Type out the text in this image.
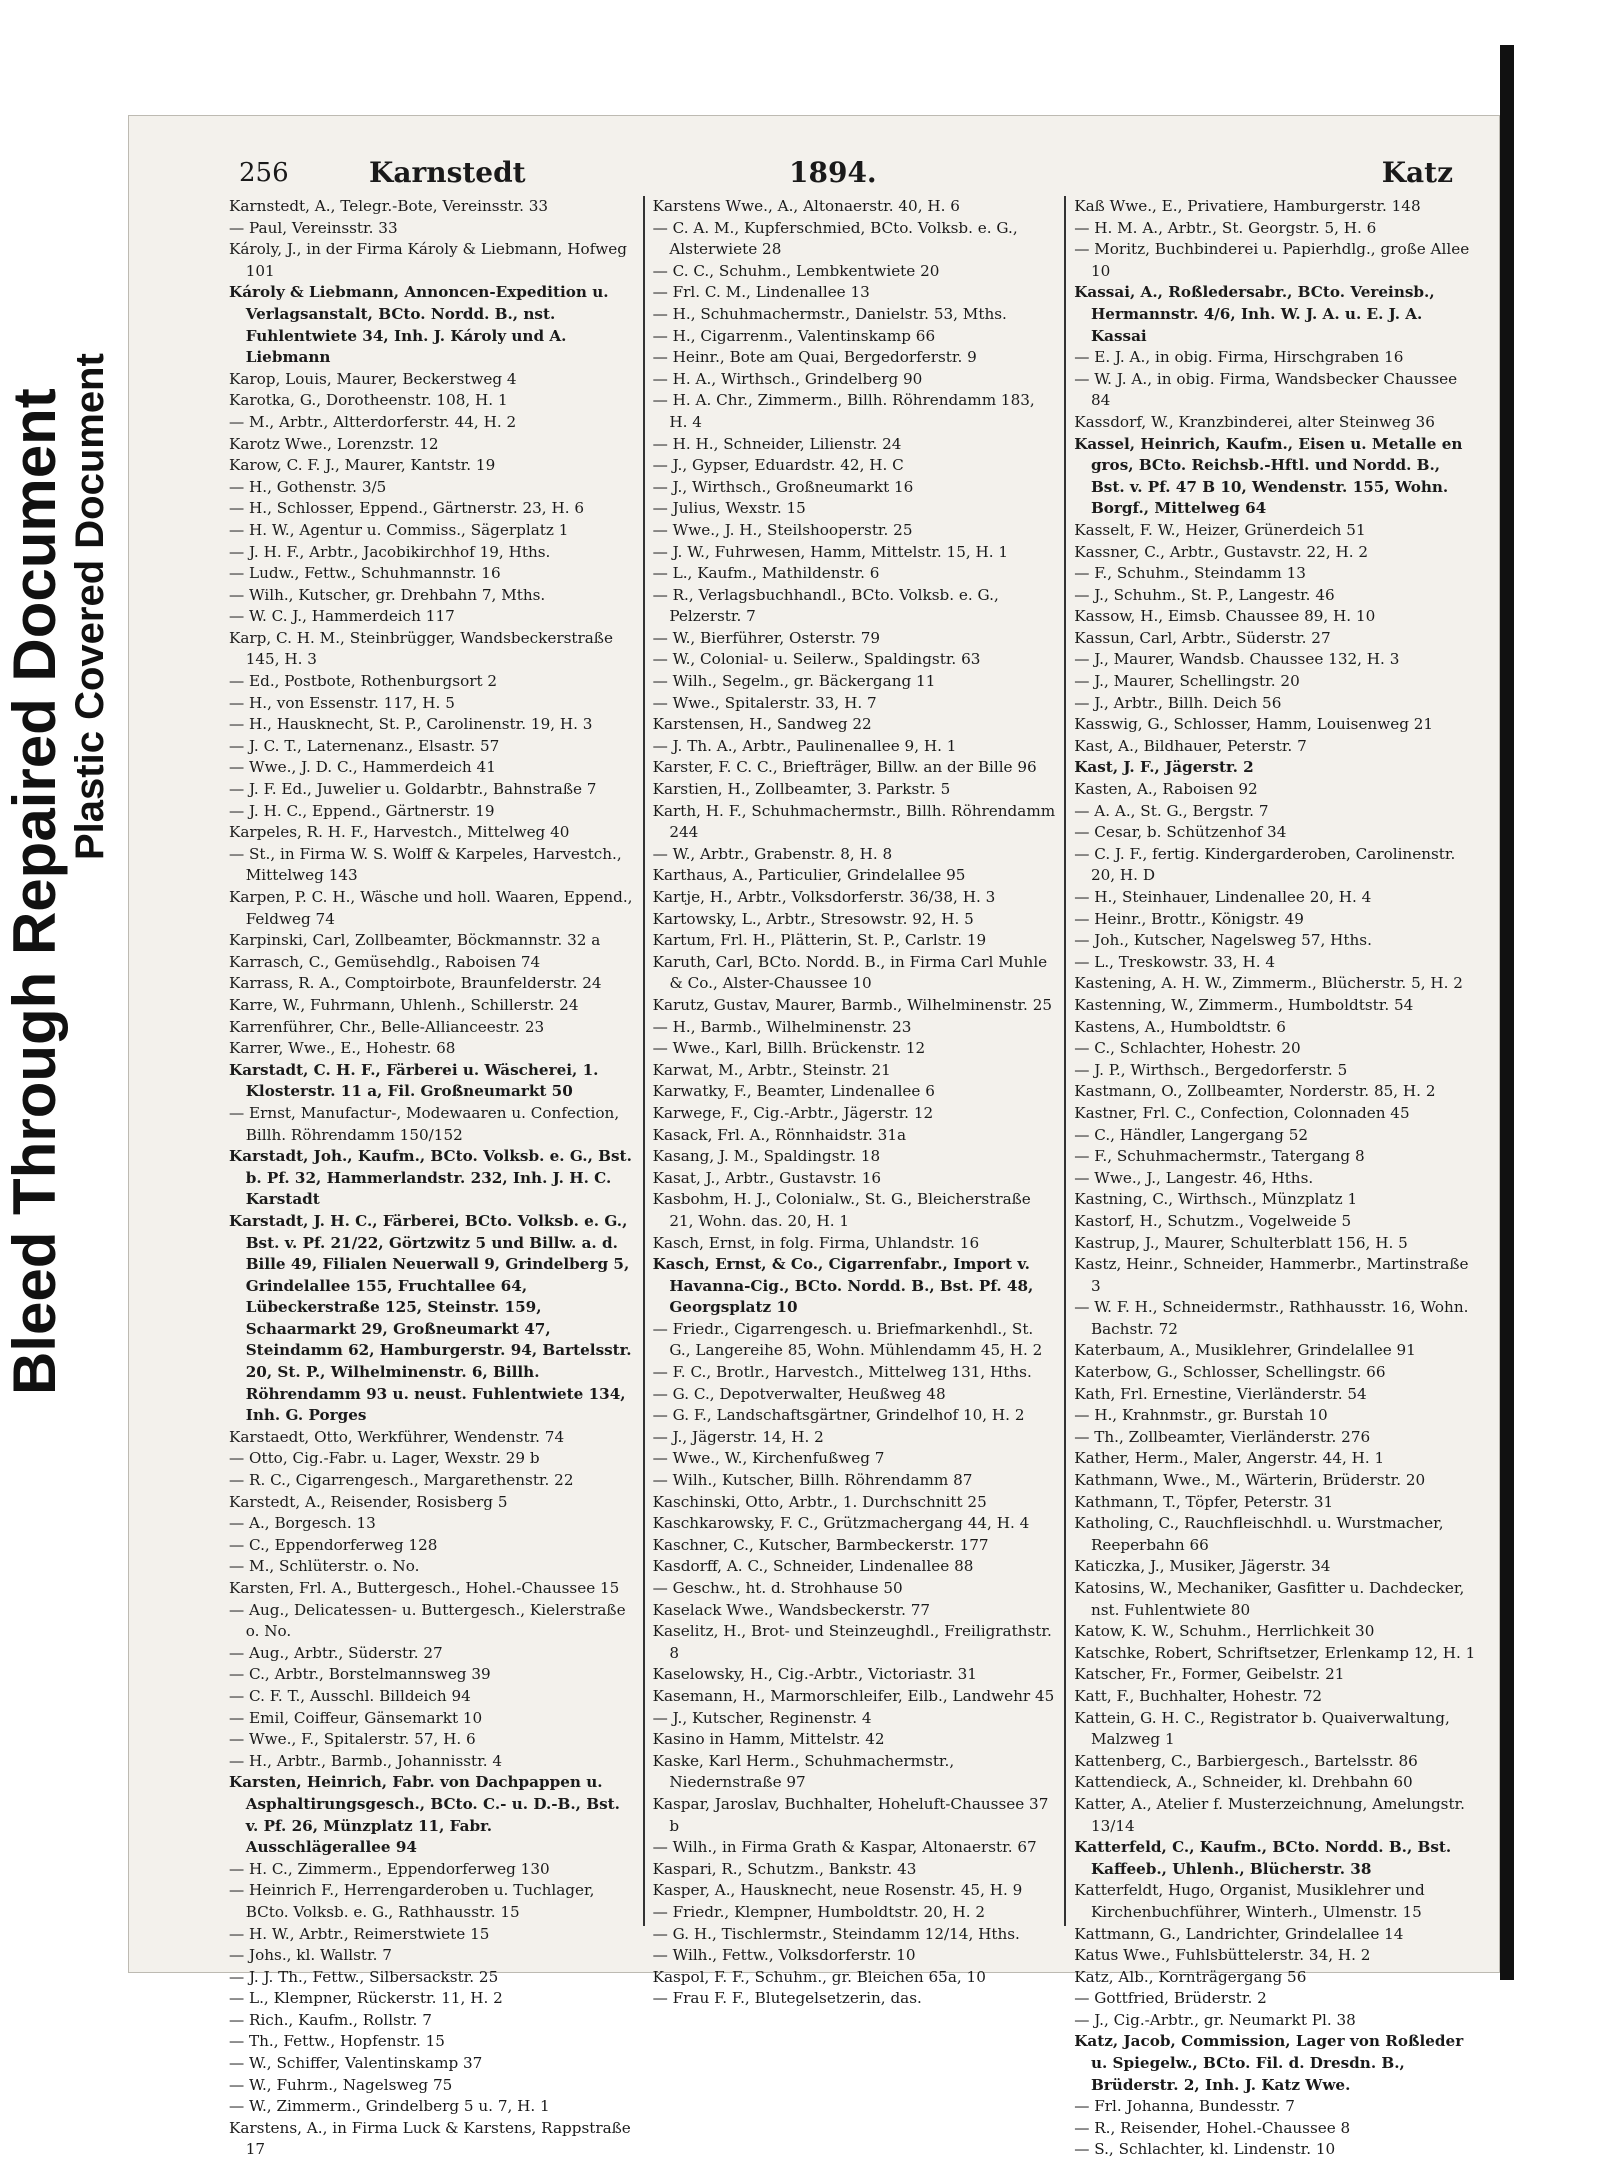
Bleed Through Repaired Document Plastic Covered Document
256	Karnstedt	1894.	Katz

Karnstedt, A., Telegr.-Bote, Vereinsstr. 33

— Paul, Vereinsstr. 33

Károly, J., in der Firma Károly & Liebmann, Hofweg 101

Károly & Liebmann, Annoncen-Expedition u. Verlagsanstalt, BCto. Nordd. B., nst. Fuhlentwiete 34, Inh. J. Károly und A. Liebmann

Karop, Louis, Maurer, Beckerstweg 4

Karotka, G., Dorotheenstr. 108, H. 1

— M., Arbtr., Altterdorferstr. 44, H. 2

Karotz Wwe., Lorenzstr. 12

Karow, C. F. J., Maurer, Kantstr. 19

— H., Gothenstr. 3/5

— H., Schlosser, Eppend., Gärtnerstr. 23, H. 6

— H. W., Agentur u. Commiss., Sägerplatz 1

— J. H. F., Arbtr., Jacobikirchhof 19, Hths.

— Ludw., Fettw., Schuhmannstr. 16

— Wilh., Kutscher, gr. Drehbahn 7, Mths.

— W. C. J., Hammerdeich 117

Karp, C. H. M., Steinbrügger, Wandsbeckerstraße 145, H. 3

— Ed., Postbote, Rothenburgsort 2

— H., von Essenstr. 117, H. 5

— H., Hausknecht, St. P., Carolinenstr. 19, H. 3

— J. C. T., Laternenanz., Elsastr. 57

— Wwe., J. D. C., Hammerdeich 41

— J. F. Ed., Juwelier u. Goldarbtr., Bahnstraße 7

— J. H. C., Eppend., Gärtnerstr. 19

Karpeles, R. H. F., Harvestch., Mittelweg 40

— St., in Firma W. S. Wolff & Karpeles, Harvestch., Mittelweg 143

Karpen, P. C. H., Wäsche und holl. Waaren, Eppend., Feldweg 74

Karpinski, Carl, Zollbeamter, Böckmannstr. 32 a

Karrasch, C., Gemüsehdlg., Raboisen 74

Karrass, R. A., Comptoirbote, Braunfelderstr. 24

Karre, W., Fuhrmann, Uhlenh., Schillerstr. 24

Karrenführer, Chr., Belle-Allianceestr. 23

Karrer, Wwe., E., Hohestr. 68

Karstadt, C. H. F., Färberei u. Wäscherei, 1. Klosterstr. 11 a, Fil. Großneumarkt 50

— Ernst, Manufactur-, Modewaaren u. Confection, Billh. Röhrendamm 150/152

Karstadt, Joh., Kaufm., BCto. Volksb. e. G., Bst. b. Pf. 32, Hammerlandstr. 232, Inh. J. H. C. Karstadt

Karstadt, J. H. C., Färberei, BCto. Volksb. e. G., Bst. v. Pf. 21/22, Görtzwitz 5 und Billw. a. d. Bille 49, Filialen Neuerwall 9, Grindelberg 5, Grindelallee 155, Fruchtallee 64, Lübeckerstraße 125, Steinstr. 159, Schaarmarkt 29, Großneumarkt 47, Steindamm 62, Hamburgerstr. 94, Bartelsstr. 20, St. P., Wilhelminenstr. 6, Billh. Röhrendamm 93 u. neust. Fuhlentwiete 134, Inh. G. Porges

Karstaedt, Otto, Werkführer, Wendenstr. 74

— Otto, Cig.-Fabr. u. Lager, Wexstr. 29 b

— R. C., Cigarrengesch., Margarethenstr. 22

Karstedt, A., Reisender, Rosisberg 5

— A., Borgesch. 13

— C., Eppendorferweg 128

— M., Schlüterstr. o. No.

Karsten, Frl. A., Buttergesch., Hohel.-Chaussee 15

— Aug., Delicatessen- u. Buttergesch., Kielerstraße o. No.

— Aug., Arbtr., Süderstr. 27

— C., Arbtr., Borstelmannsweg 39

— C. F. T., Ausschl. Billdeich 94

— Emil, Coiffeur, Gänsemarkt 10

— Wwe., F., Spitalerstr. 57, H. 6

— H., Arbtr., Barmb., Johannisstr. 4

Karsten, Heinrich, Fabr. von Dachpappen u. Asphaltirungsgesch., BCto. C.- u. D.-B., Bst. v. Pf. 26, Münzplatz 11, Fabr. Ausschlägerallee 94

— H. C., Zimmerm., Eppendorferweg 130

— Heinrich F., Herrengarderoben u. Tuchlager, BCto. Volksb. e. G., Rathhausstr. 15

— H. W., Arbtr., Reimerstwiete 15

— Johs., kl. Wallstr. 7

— J. J. Th., Fettw., Silbersackstr. 25

— L., Klempner, Rückerstr. 11, H. 2

— Rich., Kaufm., Rollstr. 7

— Th., Fettw., Hopfenstr. 15

— W., Schiffer, Valentinskamp 37

— W., Fuhrm., Nagelsweg 75

— W., Zimmerm., Grindelberg 5 u. 7, H. 1

Karstens, A., in Firma Luck & Karstens, Rappstraße 17

Karstens Wwe., A., Altonaerstr. 40, H. 6

— C. A. M., Kupferschmied, BCto. Volksb. e. G., Alsterwiete 28

— C. C., Schuhm., Lembkentwiete 20

— Frl. C. M., Lindenallee 13

— H., Schuhmachermstr., Danielstr. 53, Mths.

— H., Cigarrenm., Valentinskamp 66

— Heinr., Bote am Quai, Bergedorferstr. 9

— H. A., Wirthsch., Grindelberg 90

— H. A. Chr., Zimmerm., Billh. Röhrendamm 183, H. 4

— H. H., Schneider, Lilienstr. 24

— J., Gypser, Eduardstr. 42, H. C

— J., Wirthsch., Großneumarkt 16

— Julius, Wexstr. 15

— Wwe., J. H., Steilshooperstr. 25

— J. W., Fuhrwesen, Hamm, Mittelstr. 15, H. 1

— L., Kaufm., Mathildenstr. 6

— R., Verlagsbuchhandl., BCto. Volksb. e. G., Pelzerstr. 7

— W., Bierführer, Osterstr. 79

— W., Colonial- u. Seilerw., Spaldingstr. 63

— Wilh., Segelm., gr. Bäckergang 11

— Wwe., Spitalerstr. 33, H. 7

Karstensen, H., Sandweg 22

— J. Th. A., Arbtr., Paulinenallee 9, H. 1

Karster, F. C. C., Briefträger, Billw. an der Bille 96

Karstien, H., Zollbeamter, 3. Parkstr. 5

Karth, H. F., Schuhmachermstr., Billh. Röhrendamm 244

— W., Arbtr., Grabenstr. 8, H. 8

Karthaus, A., Particulier, Grindelallee 95

Kartje, H., Arbtr., Volksdorferstr. 36/38, H. 3

Kartowsky, L., Arbtr., Stresowstr. 92, H. 5

Kartum, Frl. H., Plätterin, St. P., Carlstr. 19

Karuth, Carl, BCto. Nordd. B., in Firma Carl Muhle & Co., Alster-Chaussee 10

Karutz, Gustav, Maurer, Barmb., Wilhelminenstr. 25

— H., Barmb., Wilhelminenstr. 23

— Wwe., Karl, Billh. Brückenstr. 12

Karwat, M., Arbtr., Steinstr. 21

Karwatky, F., Beamter, Lindenallee 6

Karwege, F., Cig.-Arbtr., Jägerstr. 12

Kasack, Frl. A., Rönnhaidstr. 31a

Kasang, J. M., Spaldingstr. 18

Kasat, J., Arbtr., Gustavstr. 16

Kasbohm, H. J., Colonialw., St. G., Bleicherstraße 21, Wohn. das. 20, H. 1

Kasch, Ernst, in folg. Firma, Uhlandstr. 16

Kasch, Ernst, & Co., Cigarrenfabr., Import v. Havanna-Cig., BCto. Nordd. B., Bst. Pf. 48, Georgsplatz 10

— Friedr., Cigarrengesch. u. Briefmarkenhdl., St. G., Langereihe 85, Wohn. Mühlendamm 45, H. 2

— F. C., Brotlr., Harvestch., Mittelweg 131, Hths.

— G. C., Depotverwalter, Heußweg 48

— G. F., Landschaftsgärtner, Grindelhof 10, H. 2

— J., Jägerstr. 14, H. 2

— Wwe., W., Kirchenfußweg 7

— Wilh., Kutscher, Billh. Röhrendamm 87

Kaschinski, Otto, Arbtr., 1. Durchschnitt 25

Kaschkarowsky, F. C., Grützmachergang 44, H. 4

Kaschner, C., Kutscher, Barmbeckerstr. 177

Kasdorff, A. C., Schneider, Lindenallee 88

— Geschw., ht. d. Strohhause 50

Kaselack Wwe., Wandsbeckerstr. 77

Kaselitz, H., Brot- und Steinzeughdl., Freiligrathstr. 8

Kaselowsky, H., Cig.-Arbtr., Victoriastr. 31

Kasemann, H., Marmorschleifer, Eilb., Landwehr 45

— J., Kutscher, Reginenstr. 4

Kasino in Hamm, Mittelstr. 42

Kaske, Karl Herm., Schuhmachermstr., Niedernstraße 97

Kaspar, Jaroslav, Buchhalter, Hoheluft-Chaussee 37 b

— Wilh., in Firma Grath & Kaspar, Altonaerstr. 67

Kaspari, R., Schutzm., Bankstr. 43

Kasper, A., Hausknecht, neue Rosenstr. 45, H. 9

— Friedr., Klempner, Humboldtstr. 20, H. 2

— G. H., Tischlermstr., Steindamm 12/14, Hths.

— Wilh., Fettw., Volksdorferstr. 10

Kaspol, F. F., Schuhm., gr. Bleichen 65a, 10

— Frau F. F., Blutegelsetzerin, das.

Kaß Wwe., E., Privatiere, Hamburgerstr. 148

— H. M. A., Arbtr., St. Georgstr. 5, H. 6

— Moritz, Buchbinderei u. Papierhdlg., große Allee 10

Kassai, A., Roßledersabr., BCto. Vereinsb., Hermannstr. 4/6, Inh. W. J. A. u. E. J. A. Kassai

— E. J. A., in obig. Firma, Hirschgraben 16

— W. J. A., in obig. Firma, Wandsbecker Chaussee 84

Kassdorf, W., Kranzbinderei, alter Steinweg 36

Kassel, Heinrich, Kaufm., Eisen u. Metalle en gros, BCto. Reichsb.-Hftl. und Nordd. B., Bst. v. Pf. 47 B 10, Wendenstr. 155, Wohn. Borgf., Mittelweg 64

Kasselt, F. W., Heizer, Grünerdeich 51

Kassner, C., Arbtr., Gustavstr. 22, H. 2

— F., Schuhm., Steindamm 13

— J., Schuhm., St. P., Langestr. 46

Kassow, H., Eimsb. Chaussee 89, H. 10

Kassun, Carl, Arbtr., Süderstr. 27

— J., Maurer, Wandsb. Chaussee 132, H. 3

— J., Maurer, Schellingstr. 20

— J., Arbtr., Billh. Deich 56

Kasswig, G., Schlosser, Hamm, Louisenweg 21

Kast, A., Bildhauer, Peterstr. 7

Kast, J. F., Jägerstr. 2

Kasten, A., Raboisen 92

— A. A., St. G., Bergstr. 7

— Cesar, b. Schützenhof 34

— C. J. F., fertig. Kindergarderoben, Carolinenstr. 20, H. D

— H., Steinhauer, Lindenallee 20, H. 4

— Heinr., Brottr., Königstr. 49

— Joh., Kutscher, Nagelsweg 57, Hths.

— L., Treskowstr. 33, H. 4

Kastening, A. H. W., Zimmerm., Blücherstr. 5, H. 2

Kastenning, W., Zimmerm., Humboldtstr. 54

Kastens, A., Humboldtstr. 6

— C., Schlachter, Hohestr. 20

— J. P., Wirthsch., Bergedorferstr. 5

Kastmann, O., Zollbeamter, Norderstr. 85, H. 2

Kastner, Frl. C., Confection, Colonnaden 45

— C., Händler, Langergang 52

— F., Schuhmachermstr., Tatergang 8

— Wwe., J., Langestr. 46, Hths.

Kastning, C., Wirthsch., Münzplatz 1

Kastorf, H., Schutzm., Vogelweide 5

Kastrup, J., Maurer, Schulterblatt 156, H. 5

Kastz, Heinr., Schneider, Hammerbr., Martinstraße 3

— W. F. H., Schneidermstr., Rathhausstr. 16, Wohn. Bachstr. 72

Katerbaum, A., Musiklehrer, Grindelallee 91

Katerbow, G., Schlosser, Schellingstr. 66

Kath, Frl. Ernestine, Vierländerstr. 54

— H., Krahnmstr., gr. Burstah 10

— Th., Zollbeamter, Vierländerstr. 276

Kather, Herm., Maler, Angerstr. 44, H. 1

Kathmann, Wwe., M., Wärterin, Brüderstr. 20

Kathmann, T., Töpfer, Peterstr. 31

Katholing, C., Rauchfleischhdl. u. Wurstmacher, Reeperbahn 66

Katiczka, J., Musiker, Jägerstr. 34

Katosins, W., Mechaniker, Gasfitter u. Dachdecker, nst. Fuhlentwiete 80

Katow, K. W., Schuhm., Herrlichkeit 30

Katschke, Robert, Schriftsetzer, Erlenkamp 12, H. 1

Katscher, Fr., Former, Geibelstr. 21

Katt, F., Buchhalter, Hohestr. 72

Kattein, G. H. C., Registrator b. Quaiverwaltung, Malzweg 1

Kattenberg, C., Barbiergesch., Bartelsstr. 86

Kattendieck, A., Schneider, kl. Drehbahn 60

Katter, A., Atelier f. Musterzeichnung, Amelungstr. 13/14

Katterfeld, C., Kaufm., BCto. Nordd. B., Bst. Kaffeeb., Uhlenh., Blücherstr. 38

Katterfeldt, Hugo, Organist, Musiklehrer und Kirchenbuchführer, Winterh., Ulmenstr. 15

Kattmann, G., Landrichter, Grindelallee 14

Katus Wwe., Fuhlsbüttelerstr. 34, H. 2

Katz, Alb., Kornträgergang 56

— Gottfried, Brüderstr. 2

— J., Cig.-Arbtr., gr. Neumarkt Pl. 38

Katz, Jacob, Commission, Lager von Roßleder u. Spiegelw., BCto. Fil. d. Dresdn. B., Brüderstr. 2, Inh. J. Katz Wwe.

— Frl. Johanna, Bundesstr. 7

— R., Reisender, Hohel.-Chaussee 8

— S., Schlachter, kl. Lindenstr. 10
